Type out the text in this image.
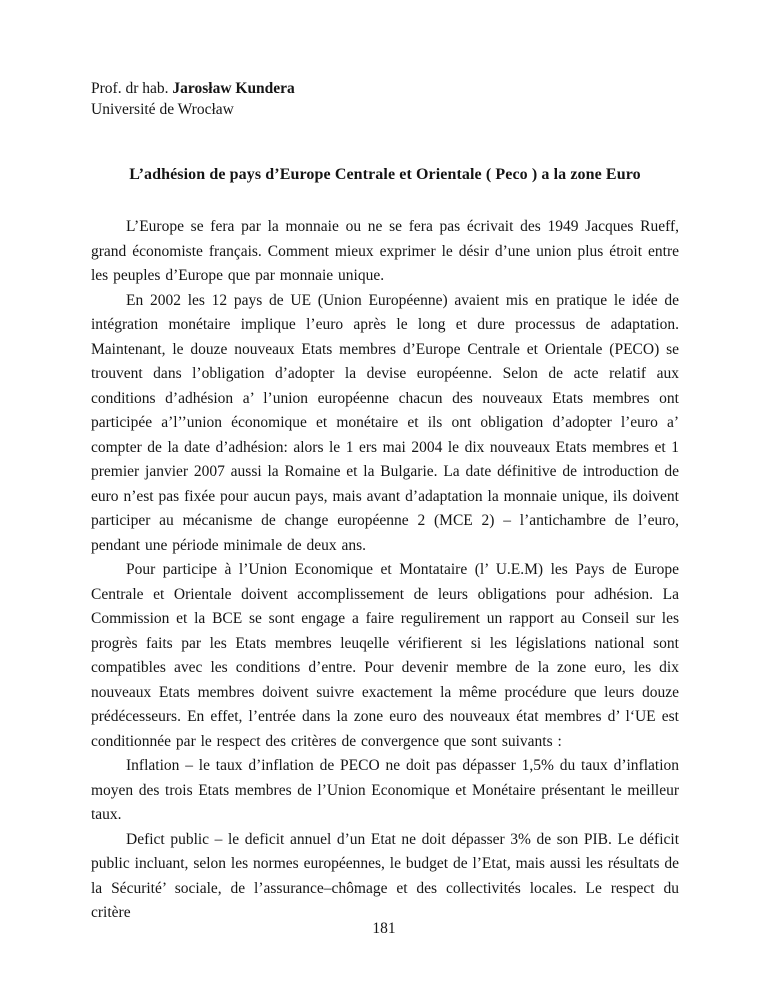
Prof. dr hab. Jarosław Kundera
Université de Wrocław
L’adhésion de pays d’Europe Centrale et Orientale ( Peco ) a la zone Euro

L’Europe se fera par la monnaie ou ne se fera pas écrivait des 1949 Jacques Rueff, grand économiste français. Comment mieux exprimer le désir d’une union plus étroit entre les peuples d’Europe que par monnaie unique.

En 2002 les 12 pays de UE (Union Européenne) avaient mis en pratique le idée de intégration monétaire implique l’euro après le long et dure processus de adaptation. Maintenant, le douze nouveaux Etats membres d’Europe Centrale et Orientale (PECO) se trouvent dans l’obligation d’adopter la devise européenne. Selon de acte relatif aux conditions d’adhésion a’ l’union européenne chacun des nouveaux Etats membres ont participée a’l’’union économique et monétaire et ils ont obligation d’adopter l’euro a’ compter de la date d’adhésion: alors le 1 ers mai 2004 le dix nouveaux Etats membres et 1 premier janvier 2007 aussi la Romaine et la Bulgarie. La date définitive de introduction de euro n’est pas fixée pour aucun pays, mais avant d’adaptation la monnaie unique, ils doivent participer au mécanisme de change européenne 2 (MCE 2) – l’antichambre de l’euro, pendant une période minimale de deux ans.

Pour participe à l’Union Economique et Montataire (l’ U.E.M) les Pays de Europe Centrale et Orientale doivent accomplissement de leurs obligations pour adhésion. La Commission et la BCE se sont engage a faire regulirement un rapport au Conseil sur les progrès faits par les Etats membres leuqelle vérifierent si les législations national sont compatibles avec les conditions d’entre. Pour devenir membre de la zone euro, les dix nouveaux Etats membres doivent suivre exactement la même procédure que leurs douze prédécesseurs. En effet, l’entrée dans la zone euro des nouveaux état membres d’ l‘UE est conditionnée par le respect des critères de convergence que sont suivants :

Inflation – le taux d’inflation de PECO ne doit pas dépasser 1,5% du taux d’inflation moyen des trois Etats membres de l’Union Economique et Monétaire présentant le meilleur taux.

Defict public – le deficit annuel d’un Etat ne doit dépasser 3% de son PIB. Le déficit public incluant, selon les normes européennes, le budget de l’Etat, mais aussi les résultats de la Sécurité’ sociale, de l’assurance–chômage et des collectivités locales. Le respect du critère

181
